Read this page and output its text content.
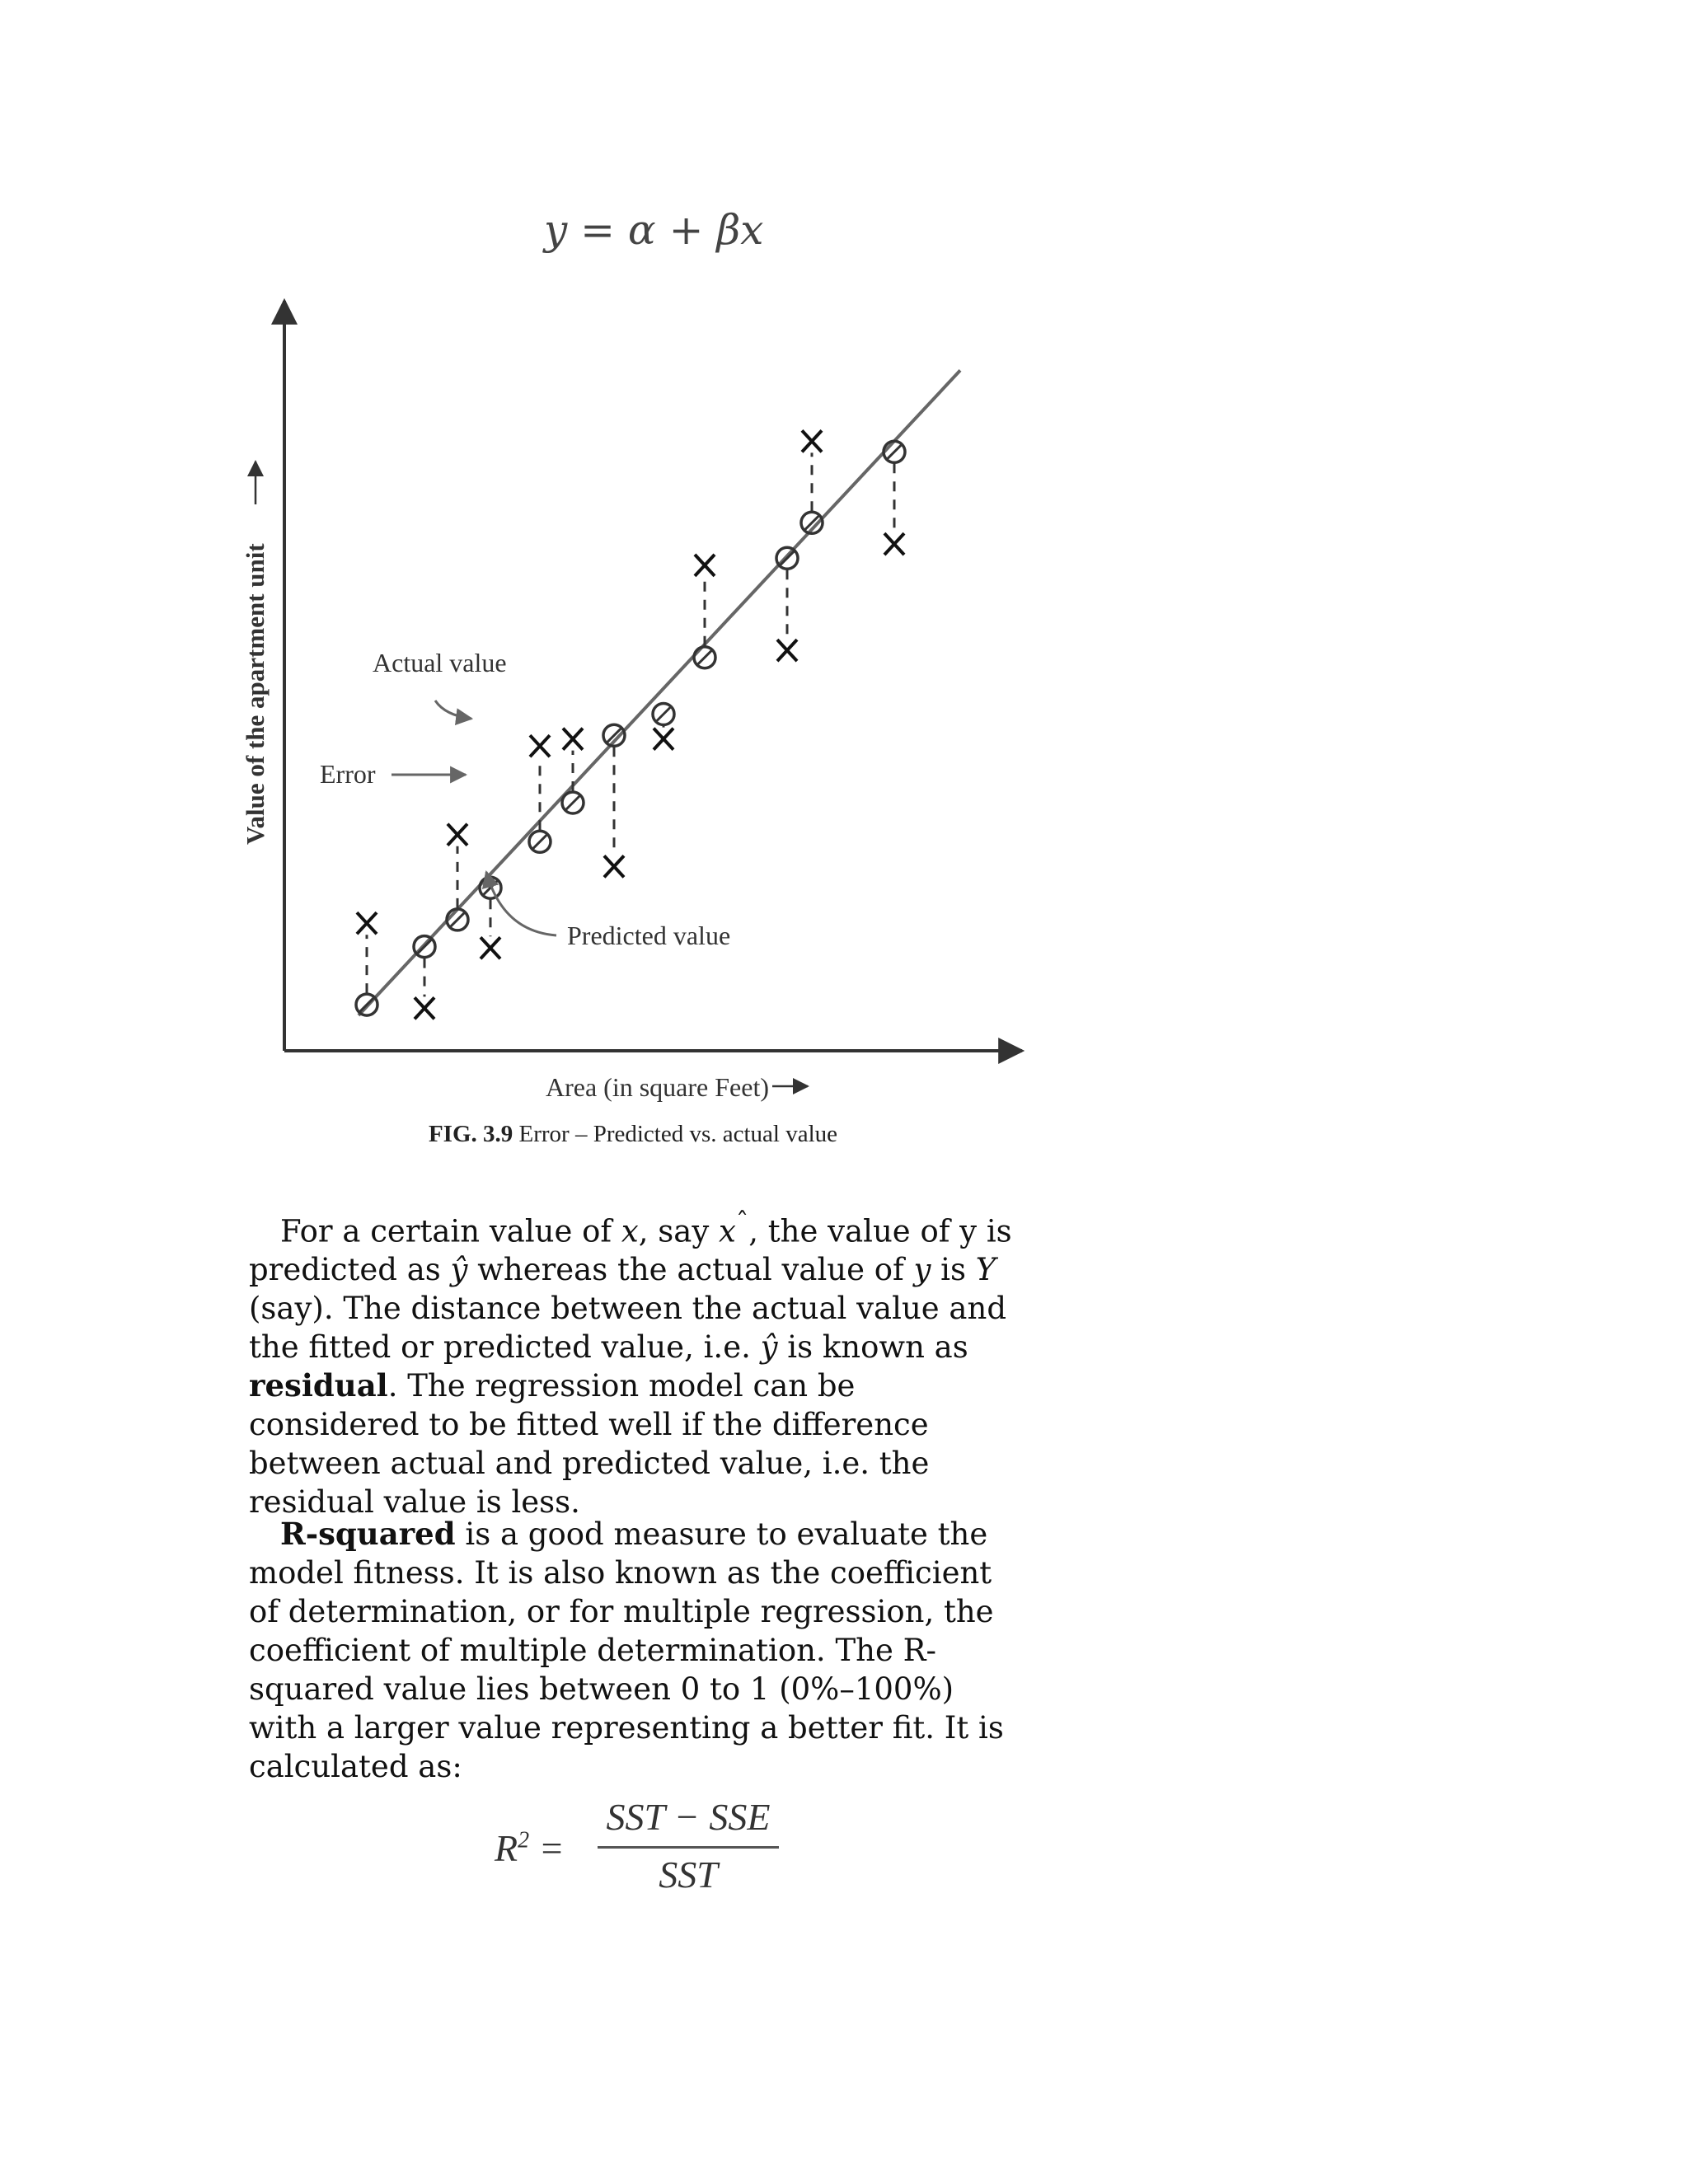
y = α + βx
Value of the apartment unit
Area (in square Feet)
Actual value
Error
Predicted value
FIG. 3.9 Error – Predicted vs. actual value

For a certain value of x, say $x^ˆ$, the value of y is predicted as ŷ whereas the actual value of y is Y (say). The distance between the actual value and the fitted or predicted value, i.e. ŷ is known as residual. The regression model can be considered to be fitted well if the difference between actual and predicted value, i.e. the residual value is less.

R-squared is a good measure to evaluate the model fitness. It is also known as the coefficient of determination, or for multiple regression, the coefficient of multiple determination. The R-squared value lies between 0 to 1 (0%–100%) with a larger value representing a better fit. It is calculated as:

$R^2$ =
SST − SSE
SST
